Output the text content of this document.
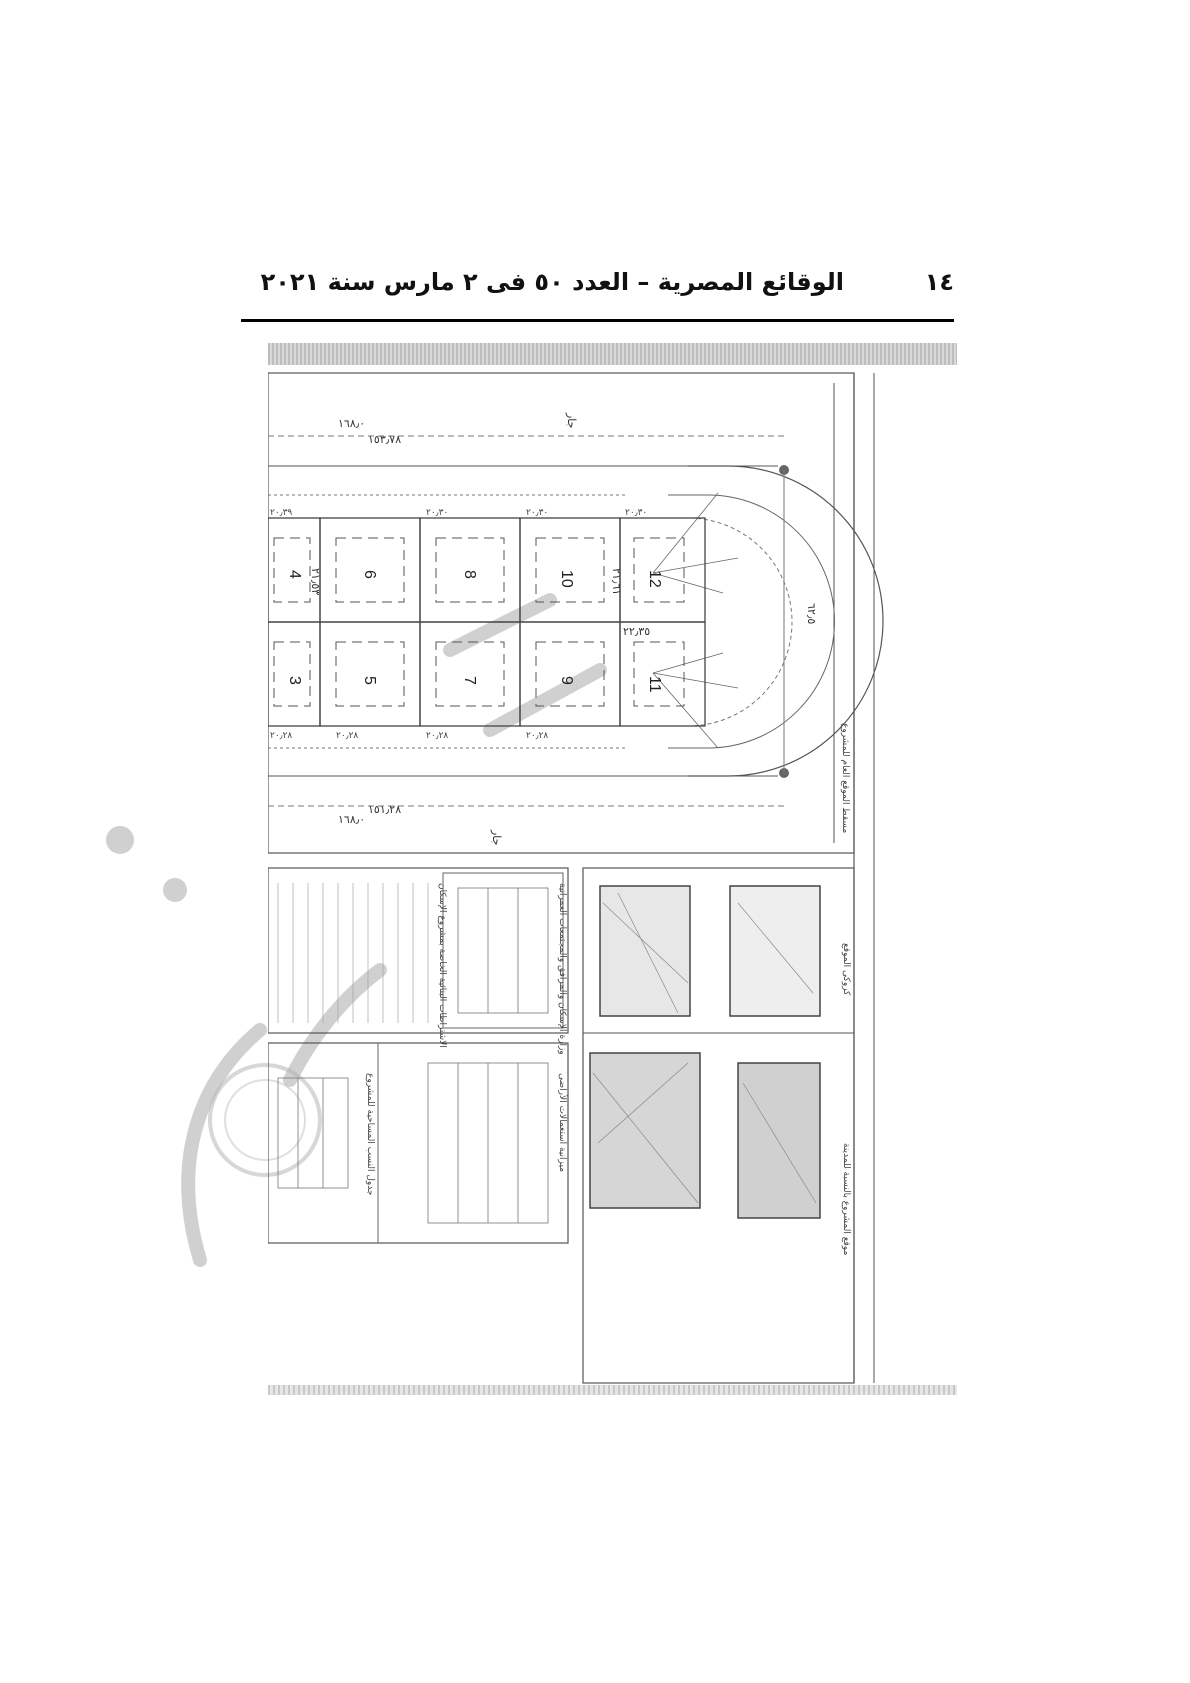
الوقائع المصرية – العدد ٥٠ فى ٢ مارس سنة ٢٠٢١	١٤
12
10
8
6
4
11
9
7
5
3
١٥٣٫٧٨
١٦٨٫٠
١٥١٫٢٨
١٦٨٫٠
٦٢٫٥
٢٢٫٣٥
٢١٫٦١
٢١٫٥٣
٢٠٫٣٠
٢٠٫٣٠
٢٠٫٣٠
٢٠٫٣٩
٢٠٫٢٨
٢٠٫٢٨
٢٠٫٢٨
٢٠٫٢٨
جار
جار
مسقط الموقع العام للمشروع
كروكى الموقع
موقع المشروع بالنسبة للمدينة
وزارة الإسكان والمرافق والمجتمعات العمرانية
الاشتراطات البنائية الخاصة بمشروع الإسكان
ميزانية استعمالات الأراضى
جدول النسب المساحية للمشروع
